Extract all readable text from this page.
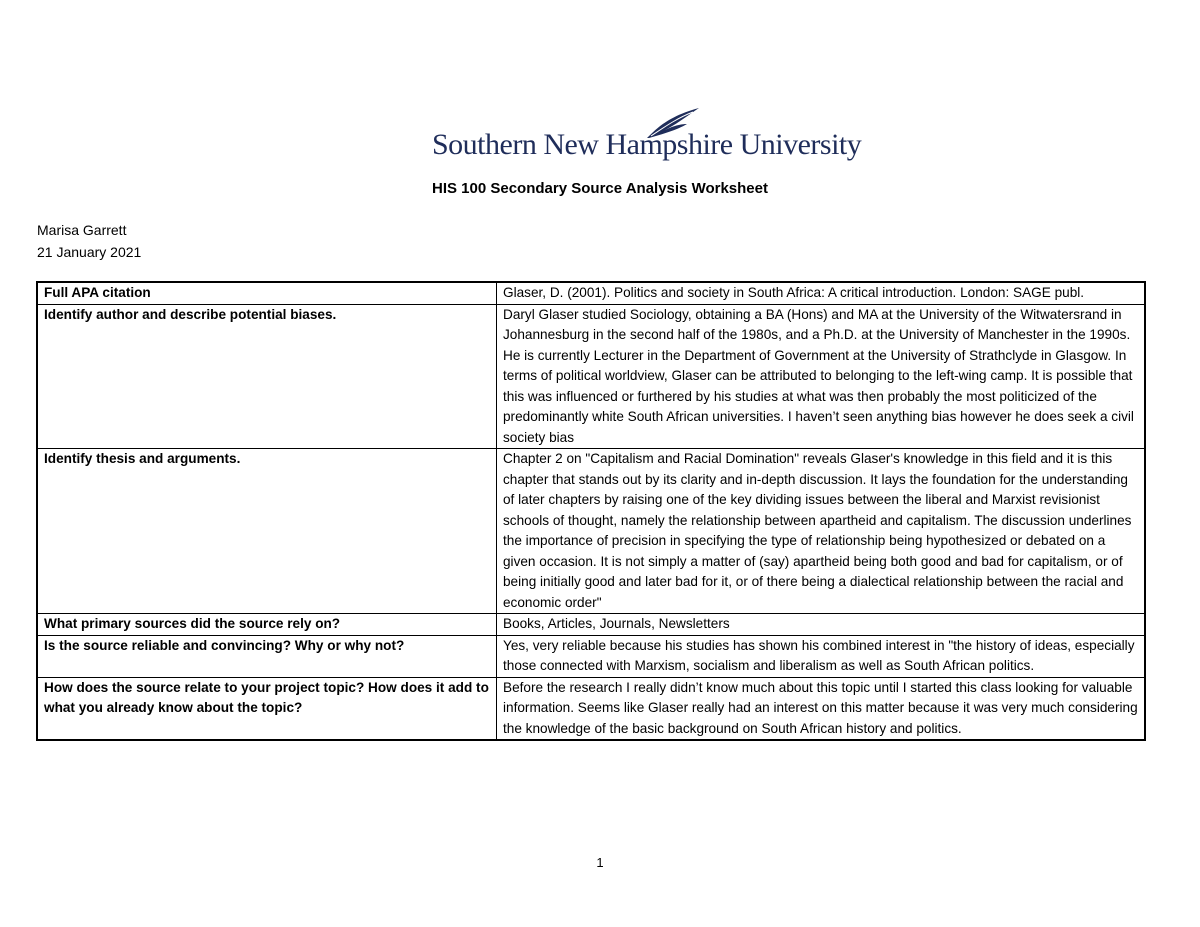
Southern New Hampshire University
HIS 100 Secondary Source Analysis Worksheet
Marisa Garrett
21 January 2021
Full APA citation	Glaser, D. (2001). Politics and society in South Africa: A critical introduction. London: SAGE publ.
Identify author and describe potential biases.	Daryl Glaser studied Sociology, obtaining a BA (Hons) and MA at the University of the Witwatersrand in Johannesburg in the second half of the 1980s, and a Ph.D. at the University of Manchester in the 1990s. He is currently Lecturer in the Department of Government at the University of Strathclyde in Glasgow. In terms of political worldview, Glaser can be attributed to belonging to the left-wing camp. It is possible that this was influenced or furthered by his studies at what was then probably the most politicized of the predominantly white South African universities. I haven’t seen anything bias however he does seek a civil society bias
Identify thesis and arguments.	Chapter 2 on "Capitalism and Racial Domination" reveals Glaser's knowledge in this field and it is this chapter that stands out by its clarity and in-depth discussion. It lays the foundation for the understanding of later chapters by raising one of the key dividing issues between the liberal and Marxist revisionist schools of thought, namely the relationship between apartheid and capitalism. The discussion underlines the importance of precision in specifying the type of relationship being hypothesized or debated on a given occasion. It is not simply a matter of (say) apartheid being both good and bad for capitalism, or of being initially good and later bad for it, or of there being a dialectical relationship between the racial and economic order"
What primary sources did the source rely on?	Books, Articles, Journals, Newsletters
Is the source reliable and convincing? Why or why not?	Yes, very reliable because his studies has shown his combined interest in "the history of ideas, especially those connected with Marxism, socialism and liberalism as well as South African politics.
How does the source relate to your project topic? How does it add to what you already know about the topic?	Before the research I really didn’t know much about this topic until I started this class looking for valuable information. Seems like Glaser really had an interest on this matter because it was very much considering the knowledge of the basic background on South African history and politics.
1
